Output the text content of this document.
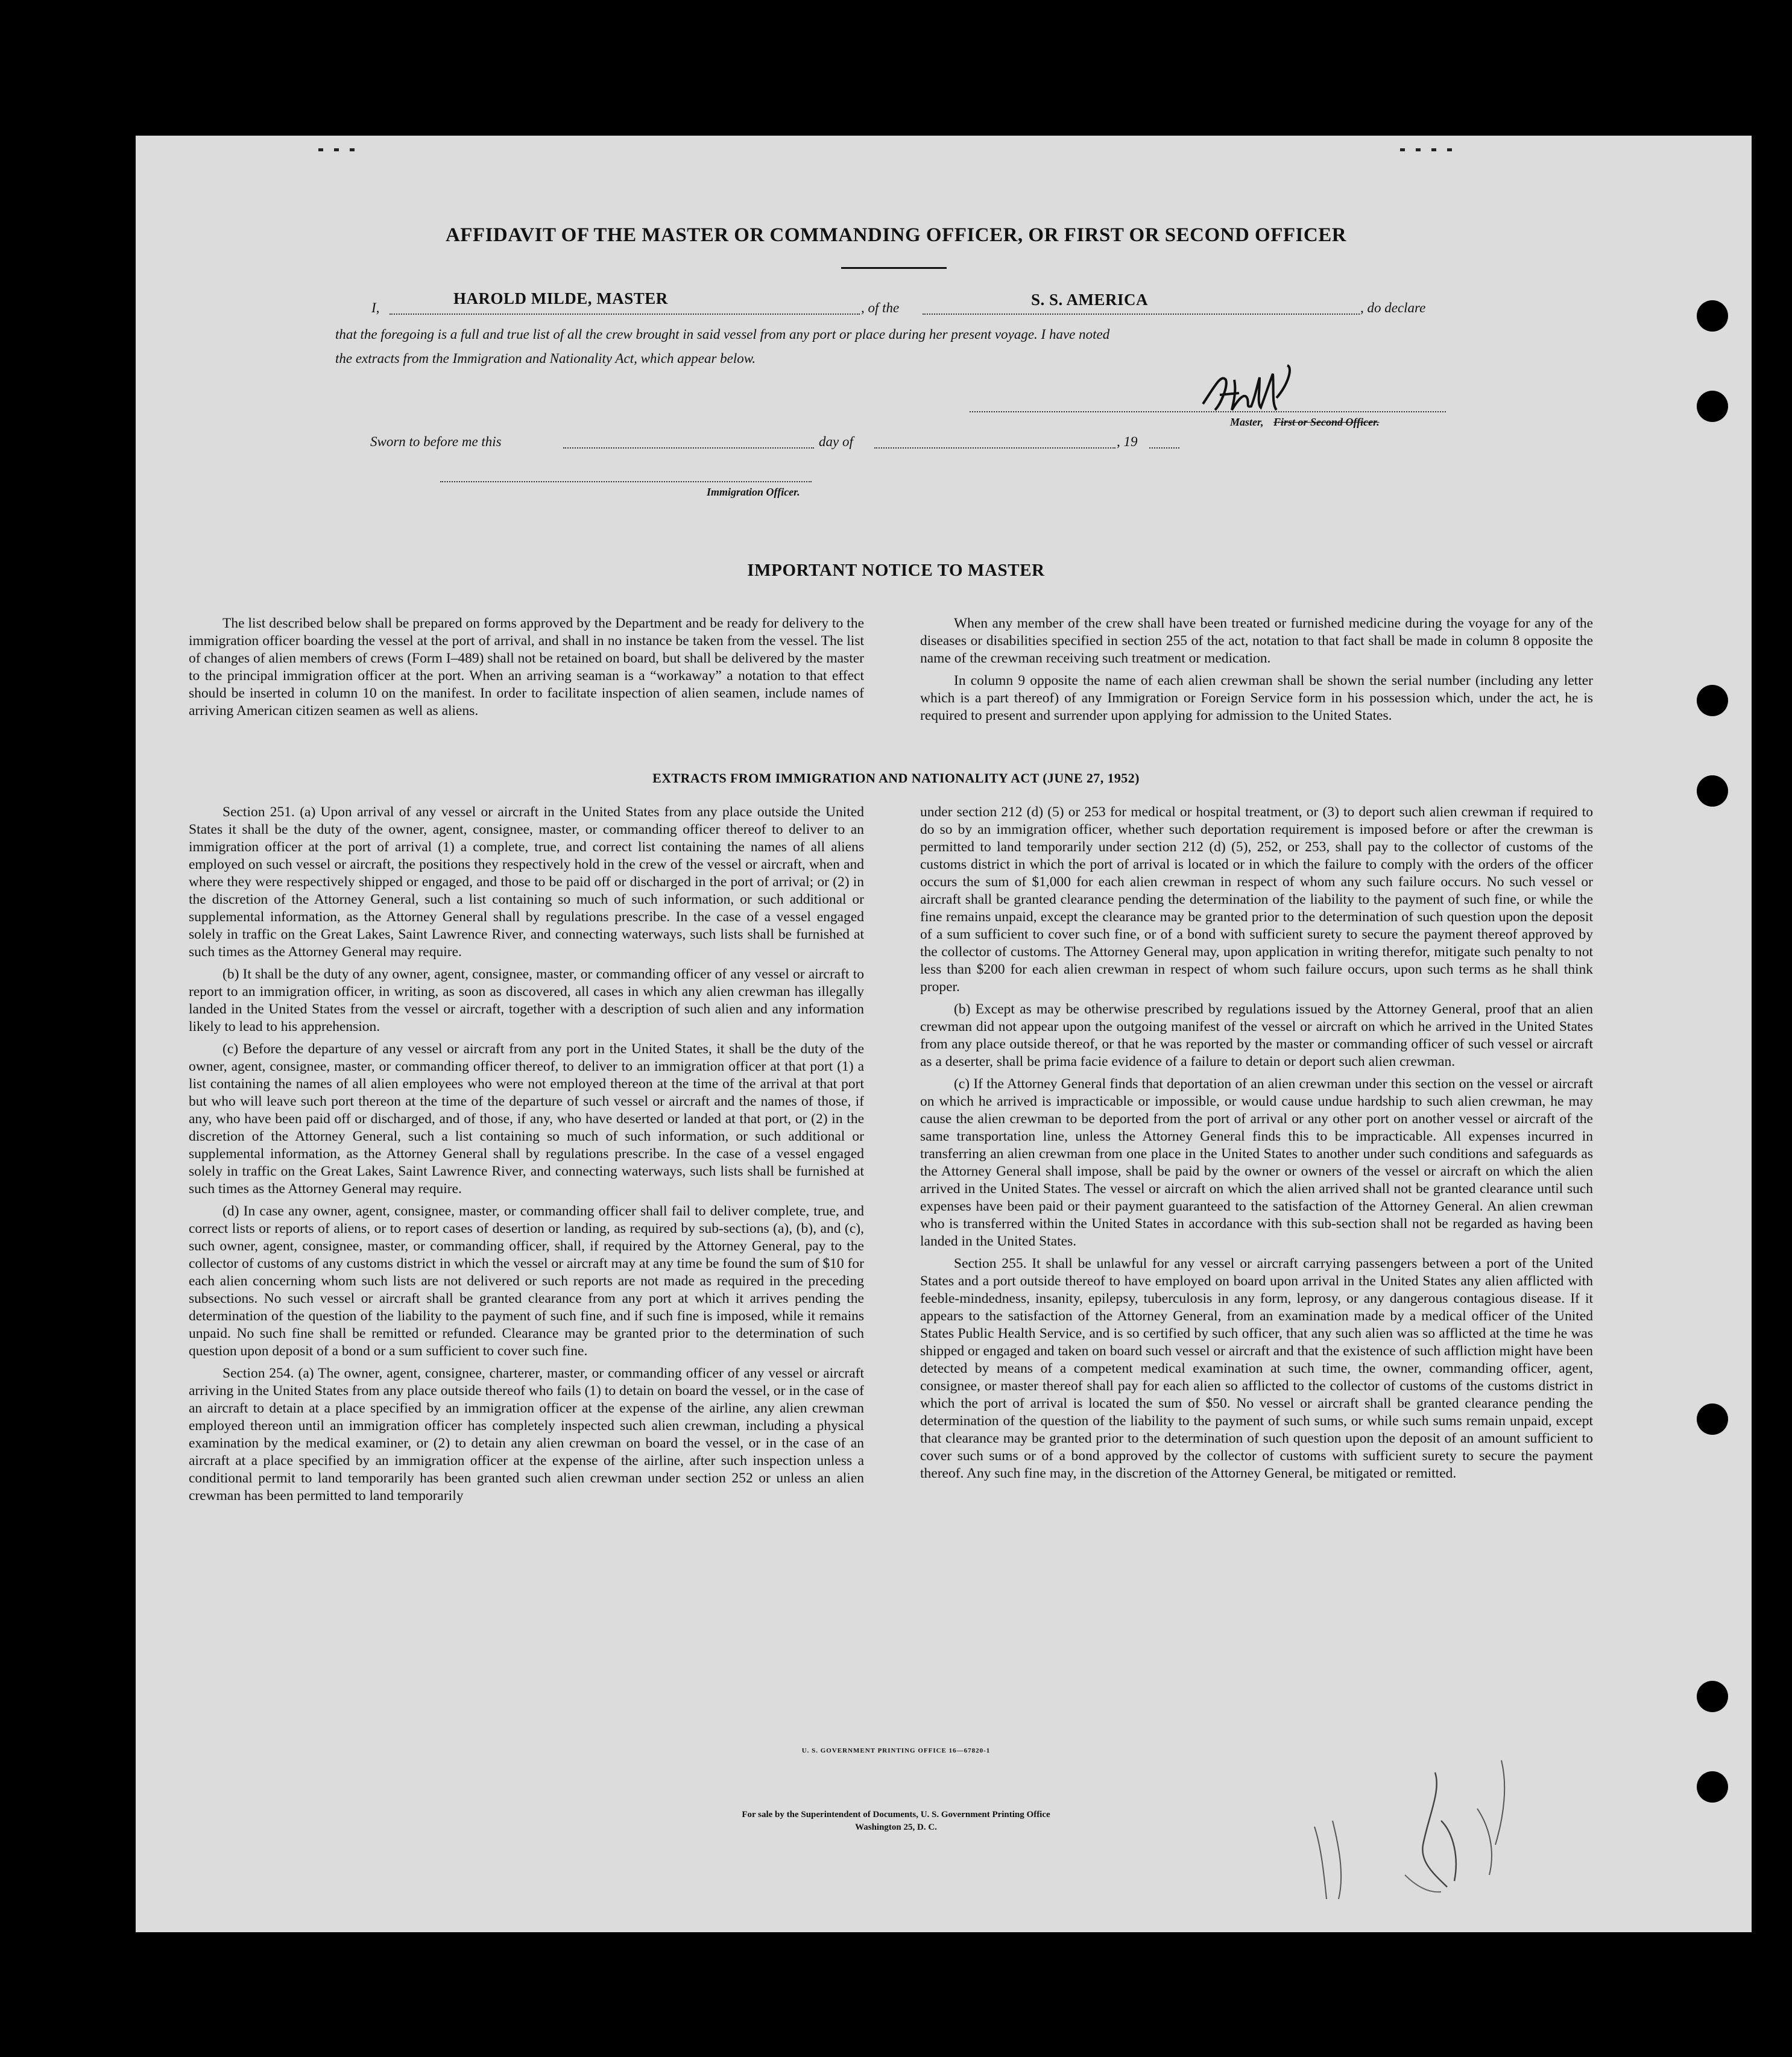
AFFIDAVIT OF THE MASTER OR COMMANDING OFFICER, OR FIRST OR SECOND OFFICER
I,
HAROLD MILDE, MASTER
, of the	S. S. AMERICA	, do declare
that the foregoing is a full and true list of all the crew brought in said vessel from any port or place during her present voyage. I have noted
the extracts from the Immigration and Nationality Act, which appear below.
Master, First or Second Officer.
Sworn to before me this	day of	, 19
Immigration Officer.
IMPORTANT NOTICE TO MASTER

The list described below shall be prepared on forms approved by the Department and be ready for delivery to the immigration officer boarding the vessel at the port of arrival, and shall in no instance be taken from the vessel. The list of changes of alien members of crews (Form I–489) shall not be retained on board, but shall be delivered by the master to the principal immigration officer at the port. When an arriving seaman is a “workaway” a notation to that effect should be inserted in column 10 on the manifest. In order to facilitate inspection of alien seamen, include names of arriving American citizen seamen as well as aliens.

When any member of the crew shall have been treated or furnished medicine during the voyage for any of the diseases or disabilities specified in section 255 of the act, notation to that fact shall be made in column 8 opposite the name of the crewman receiving such treatment or medication.

In column 9 opposite the name of each alien crewman shall be shown the serial number (including any letter which is a part thereof) of any Immigration or Foreign Service form in his possession which, under the act, he is required to present and surrender upon applying for admission to the United States.

EXTRACTS FROM IMMIGRATION AND NATIONALITY ACT (JUNE 27, 1952)

Section 251. (a) Upon arrival of any vessel or aircraft in the United States from any place outside the United States it shall be the duty of the owner, agent, consignee, master, or commanding officer thereof to deliver to an immigration officer at the port of arrival (1) a complete, true, and correct list containing the names of all aliens employed on such vessel or aircraft, the positions they respectively hold in the crew of the vessel or aircraft, when and where they were respectively shipped or engaged, and those to be paid off or discharged in the port of arrival; or (2) in the discretion of the Attorney General, such a list containing so much of such information, or such additional or supplemental information, as the Attorney General shall by regulations prescribe. In the case of a vessel engaged solely in traffic on the Great Lakes, Saint Lawrence River, and connecting waterways, such lists shall be furnished at such times as the Attorney General may require.

(b) It shall be the duty of any owner, agent, consignee, master, or commanding officer of any vessel or aircraft to report to an immigration officer, in writing, as soon as discovered, all cases in which any alien crewman has illegally landed in the United States from the vessel or aircraft, together with a description of such alien and any information likely to lead to his apprehension.

(c) Before the departure of any vessel or aircraft from any port in the United States, it shall be the duty of the owner, agent, consignee, master, or commanding officer thereof, to deliver to an immigration officer at that port (1) a list containing the names of all alien employees who were not employed thereon at the time of the arrival at that port but who will leave such port thereon at the time of the departure of such vessel or aircraft and the names of those, if any, who have been paid off or discharged, and of those, if any, who have deserted or landed at that port, or (2) in the discretion of the Attorney General, such a list containing so much of such information, or such additional or supplemental information, as the Attorney General shall by regulations prescribe. In the case of a vessel engaged solely in traffic on the Great Lakes, Saint Lawrence River, and connecting waterways, such lists shall be furnished at such times as the Attorney General may require.

(d) In case any owner, agent, consignee, master, or commanding officer shall fail to deliver complete, true, and correct lists or reports of aliens, or to report cases of desertion or landing, as required by sub-sections (a), (b), and (c), such owner, agent, consignee, master, or commanding officer, shall, if required by the Attorney General, pay to the collector of customs of any customs district in which the vessel or aircraft may at any time be found the sum of $10 for each alien concerning whom such lists are not delivered or such reports are not made as required in the preceding subsections. No such vessel or aircraft shall be granted clearance from any port at which it arrives pending the determination of the question of the liability to the payment of such fine, and if such fine is imposed, while it remains unpaid. No such fine shall be remitted or refunded. Clearance may be granted prior to the determination of such question upon deposit of a bond or a sum sufficient to cover such fine.

Section 254. (a) The owner, agent, consignee, charterer, master, or commanding officer of any vessel or aircraft arriving in the United States from any place outside thereof who fails (1) to detain on board the vessel, or in the case of an aircraft to detain at a place specified by an immigration officer at the expense of the airline, any alien crewman employed thereon until an immigration officer has completely inspected such alien crewman, including a physical examination by the medical examiner, or (2) to detain any alien crewman on board the vessel, or in the case of an aircraft at a place specified by an immigration officer at the expense of the airline, after such inspection unless a conditional permit to land temporarily has been granted such alien crewman under section 252 or unless an alien crewman has been permitted to land temporarily

under section 212 (d) (5) or 253 for medical or hospital treatment, or (3) to deport such alien crewman if required to do so by an immigration officer, whether such deportation requirement is imposed before or after the crewman is permitted to land temporarily under section 212 (d) (5), 252, or 253, shall pay to the collector of customs of the customs district in which the port of arrival is located or in which the failure to comply with the orders of the officer occurs the sum of $1,000 for each alien crewman in respect of whom any such failure occurs. No such vessel or aircraft shall be granted clearance pending the determination of the liability to the payment of such fine, or while the fine remains unpaid, except the clearance may be granted prior to the determination of such question upon the deposit of a sum sufficient to cover such fine, or of a bond with sufficient surety to secure the payment thereof approved by the collector of customs. The Attorney General may, upon application in writing therefor, mitigate such penalty to not less than $200 for each alien crewman in respect of whom such failure occurs, upon such terms as he shall think proper.

(b) Except as may be otherwise prescribed by regulations issued by the Attorney General, proof that an alien crewman did not appear upon the outgoing manifest of the vessel or aircraft on which he arrived in the United States from any place outside thereof, or that he was reported by the master or commanding officer of such vessel or aircraft as a deserter, shall be prima facie evidence of a failure to detain or deport such alien crewman.

(c) If the Attorney General finds that deportation of an alien crewman under this section on the vessel or aircraft on which he arrived is impracticable or impossible, or would cause undue hardship to such alien crewman, he may cause the alien crewman to be deported from the port of arrival or any other port on another vessel or aircraft of the same transportation line, unless the Attorney General finds this to be impracticable. All expenses incurred in transferring an alien crewman from one place in the United States to another under such conditions and safeguards as the Attorney General shall impose, shall be paid by the owner or owners of the vessel or aircraft on which the alien arrived in the United States. The vessel or aircraft on which the alien arrived shall not be granted clearance until such expenses have been paid or their payment guaranteed to the satisfaction of the Attorney General. An alien crewman who is transferred within the United States in accordance with this sub-section shall not be regarded as having been landed in the United States.

Section 255. It shall be unlawful for any vessel or aircraft carrying passengers between a port of the United States and a port outside thereof to have employed on board upon arrival in the United States any alien afflicted with feeble-mindedness, insanity, epilepsy, tuberculosis in any form, leprosy, or any dangerous contagious disease. If it appears to the satisfaction of the Attorney General, from an examination made by a medical officer of the United States Public Health Service, and is so certified by such officer, that any such alien was so afflicted at the time he was shipped or engaged and taken on board such vessel or aircraft and that the existence of such affliction might have been detected by means of a competent medical examination at such time, the owner, commanding officer, agent, consignee, or master thereof shall pay for each alien so afflicted to the collector of customs of the customs district in which the port of arrival is located the sum of $50. No vessel or aircraft shall be granted clearance pending the determination of the question of the liability to the payment of such sums, or while such sums remain unpaid, except that clearance may be granted prior to the determination of such question upon the deposit of an amount sufficient to cover such sums or of a bond approved by the collector of customs with sufficient surety to secure the payment thereof. Any such fine may, in the discretion of the Attorney General, be mitigated or remitted.

U. S. GOVERNMENT PRINTING OFFICE 16—67820-1
For sale by the Superintendent of Documents, U. S. Government Printing Office
Washington 25, D. C.
